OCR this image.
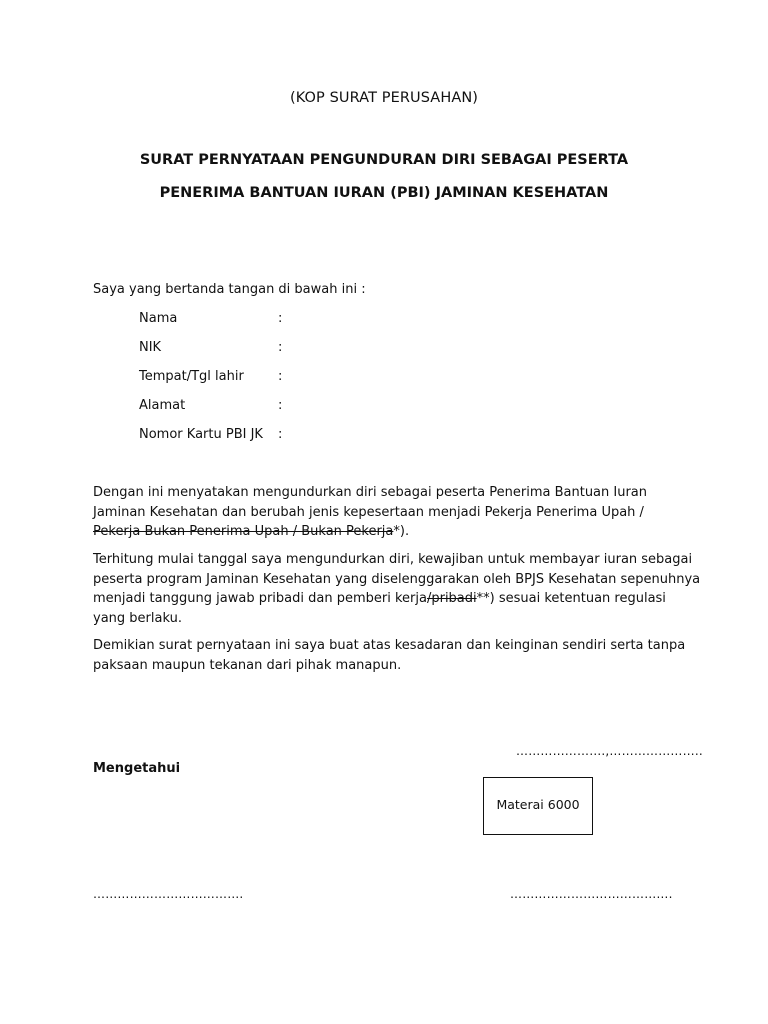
(KOP SURAT PERUSAHAN)
SURAT PERNYATAAN PENGUNDURAN DIRI SEBAGAI PESERTA
PENERIMA BANTUAN IURAN (PBI) JAMINAN KESEHATAN
Saya yang bertanda tangan di bawah ini :
Nama	:
NIK	:
Tempat/Tgl lahir	:
Alamat	:
Nomor Kartu PBI JK :
Dengan ini menyatakan mengundurkan diri sebagai peserta Penerima Bantuan Iuran
Jaminan Kesehatan dan berubah jenis kepesertaan menjadi Pekerja Penerima Upah /
Pekerja Bukan Penerima Upah / Bukan Pekerja*).
Terhitung mulai tanggal saya mengundurkan diri, kewajiban untuk membayar iuran sebagai
peserta program Jaminan Kesehatan yang diselenggarakan oleh BPJS Kesehatan sepenuhnya
menjadi tanggung jawab pribadi dan pemberi kerja/pribadi**) sesuai ketentuan regulasi
yang berlaku.
Demikian surat pernyataan ini saya buat atas kesadaran dan keinginan sendiri serta tanpa
paksaan maupun tekanan dari pihak manapun.
………………….,…………………..
Mengetahui
Materai 6000
……………………………….	………………………………….
